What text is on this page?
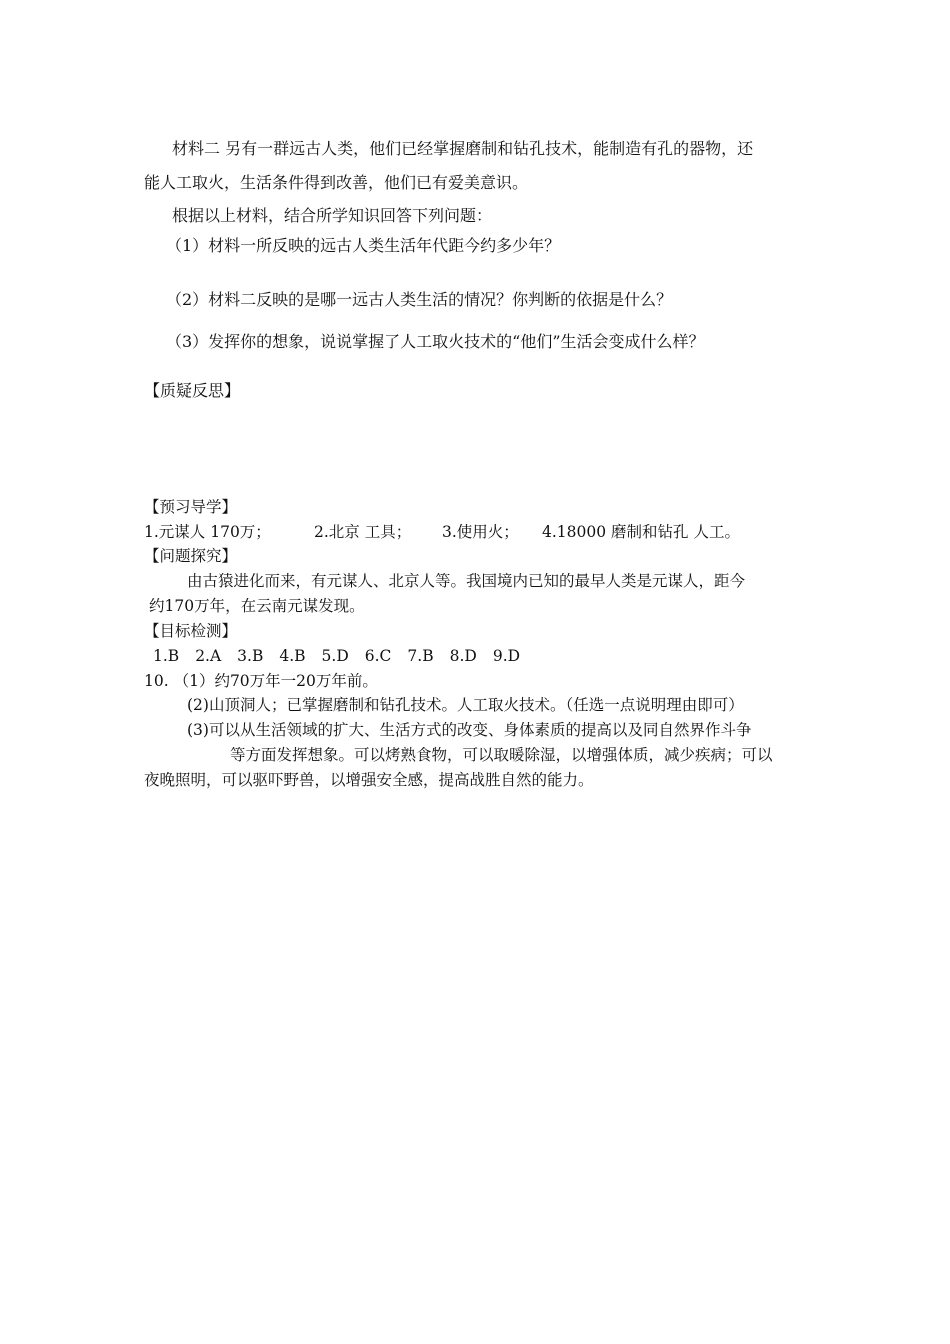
材料二 另有一群远古人类，他们已经掌握磨制和钻孔技术，能制造有孔的器物，还
能人工取火，生活条件得到改善，他们已有爱美意识。
根据以上材料，结合所学知识回答下列问题：
（1）材料一所反映的远古人类生活年代距今约多少年？
（2）材料二反映的是哪一远古人类生活的情况？你判断的依据是什么？
（3）发挥你的想象，说说掌握了人工取火技术的“他们”生活会变成什么样？
【质疑反思】
【预习导学】
1.元谋人 170万；	2.北京 工具；	3.使用火；	4.18000 磨制和钻孔 人工。
【问题探究】
由古猿进化而来，有元谋人、北京人等。我国境内已知的最早人类是元谋人，距今
约170万年，在云南元谋发现。
【目标检测】
1.B 2.A 3.B 4.B 5.D 6.C 7.B 8.D 9.D
10. （1）约70万年一20万年前。
(2)山顶洞人；已掌握磨制和钻孔技术。人工取火技术。（任选一点说明理由即可）
(3)可以从生活领域的扩大、生活方式的改变、身体素质的提高以及同自然界作斗争
等方面发挥想象。可以烤熟食物，可以取暖除湿，以增强体质，减少疾病；可以
夜晚照明，可以驱吓野兽，以增强安全感，提高战胜自然的能力。
